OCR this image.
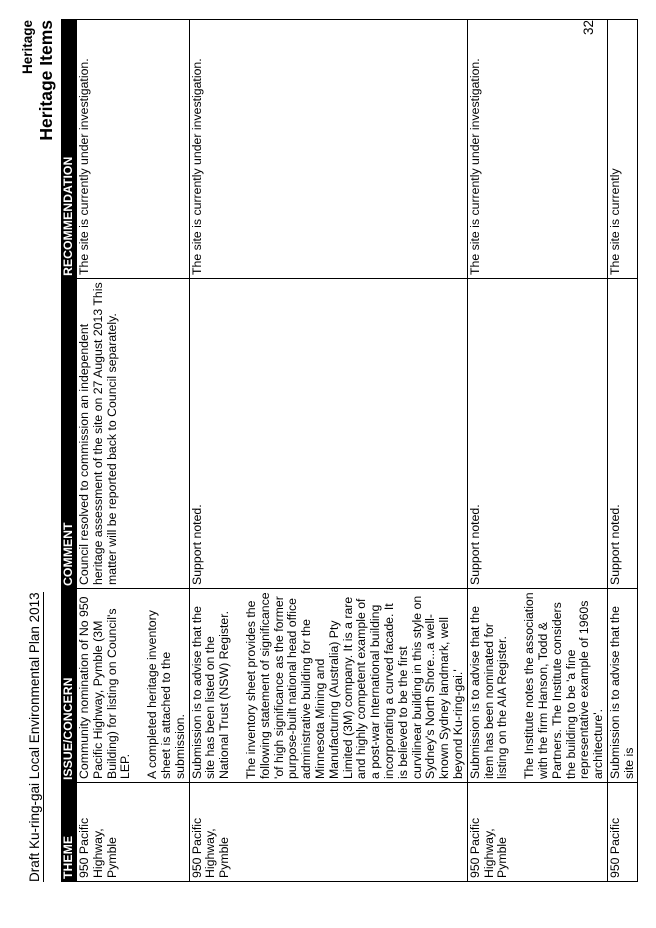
Draft Ku-ring-gai Local Environmental Plan 2013
Heritage Heritage Items
THEME	ISSUE/CONCERN	COMMENT	RECOMMENDATION
950 Pacific Highway, Pymble	Community nomination of No 950 Pacific Highway, Pymble (3M Building) for listing on Council's LEP. A completed heritage inventory sheet is attached to the submission.	Council resolved to commission an independent heritage assessment of the site on 27 August 2013 This matter will be reported back to Council separately.	The site is currently under investigation.
950 Pacific Highway, Pymble	Submission is to advise that the site has been listed on the National Trust (NSW) Register. The inventory sheet provides the following statement of significance 'of high significance as the former purpose-built national head office administrative building for the Minnesota Mining and Manufacturing (Australia) Pty Limited (3M) company. It is a rare and highly competent example of a post-war International building incorporating a curved facade. It is believed to be the first curvilinear building in this style on Sydney's North Shore...a well-known Sydney landmark, well beyond Ku-ring-gai.'	Support noted.	The site is currently under investigation.
950 Pacific Highway, Pymble	Submission is to advise that the item has been nominated for listing on the AIA Register. The Institute notes the association with the firm Hanson, Todd & Partners. The Institute considers the building to be 'a fine representative example of 1960s architecture'.	Support noted.	The site is currently under investigation.
950 Pacific	Submission is to advise that the site is	Support noted.	The site is currently
32
